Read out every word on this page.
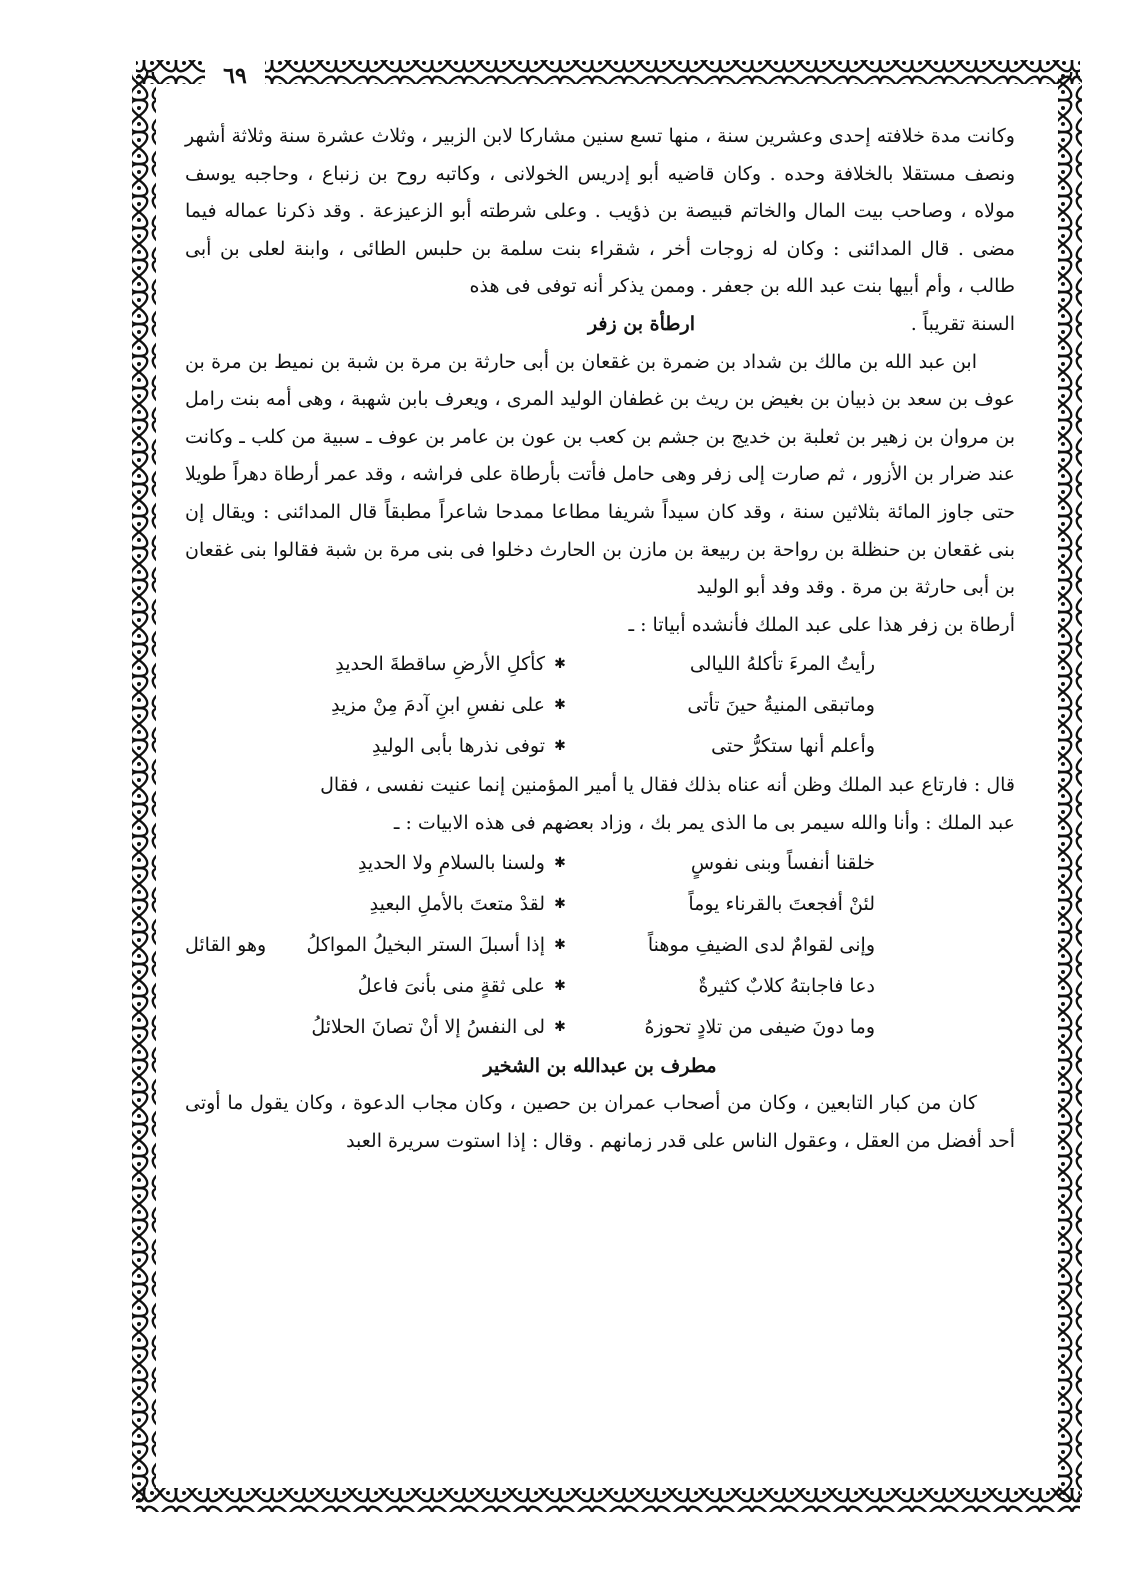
٦٩

وكانت مدة خلافته إحدى وعشرين سنة ، منها تسع سنين مشاركا لابن الزبير ، وثلاث عشرة سنة وثلاثة أشهر ونصف مستقلا بالخلافة وحده . وكان قاضيه أبو إدريس الخولانى ، وكاتبه روح بن زنباع ، وحاجبه يوسف مولاه ، وصاحب بيت المال والخاتم قبيصة بن ذؤيب . وعلى شرطته أبو الزعيزعة . وقد ذكرنا عماله فيما مضى . قال المدائنى : وكان له زوجات أخر ، شقراء بنت سلمة بن حلبس الطائى ، وابنة لعلى بن أبى طالب ، وأم أبيها بنت عبد الله بن جعفر . وممن يذكر أنه توفى فى هذه

السنة تقريباً .
ارطأة بن زفر

ابن عبد الله بن مالك بن شداد بن ضمرة بن غقعان بن أبى حارثة بن مرة بن شبة بن نميط بن مرة بن عوف بن سعد بن ذبيان بن بغيض بن ريث بن غطفان الوليد المرى ، ويعرف بابن شهبة ، وهى أمه بنت رامل بن مروان بن زهير بن ثعلبة بن خديج بن جشم بن كعب بن عون بن عامر بن عوف ـ سبية من كلب ـ وكانت عند ضرار بن الأزور ، ثم صارت إلى زفر وهى حامل فأتت بأرطاة على فراشه ، وقد عمر أرطاة دهراً طويلا حتى جاوز المائة بثلاثين سنة ، وقد كان سيداً شريفا مطاعا ممدحا شاعراً مطبقاً قال المدائنى : ويقال إن بنى غقعان بن حنظلة بن رواحة بن ربيعة بن مازن بن الحارث دخلوا فى بنى مرة بن شبة فقالوا بنى غقعان بن أبى حارثة بن مرة . وقد وفد أبو الوليد

أرطاة بن زفر هذا على عبد الملك فأنشده أبياتا : ـ

رأيتُ المرءَ تأكلهُ الليالى
✱
كأكلِ الأرضِ ساقطةَ الحديدِ
وماتبقى المنيةُ حينَ تأتى
✱
على نفسِ ابنِ آدمَ مِنْ مزيدِ
وأعلم أنها ستكرُّ حتى
✱
توفى نذرها بأبى الوليدِ

قال : فارتاع عبد الملك وظن أنه عناه بذلك فقال يا أمير المؤمنين إنما عنيت نفسى ، فقال

عبد الملك : وأنا والله سيمر بى ما الذى يمر بك ، وزاد بعضهم فى هذه الابيات : ـ

خلقنا أنفساً وبنى نفوسٍ
✱
ولسنا بالسلامِ ولا الحديدِ
لئنْ أفجعتَ بالقرناء يوماً
✱
لقدْ متعتَ بالأملِ البعيدِ
وإنى لقوامٌ لدى الضيفِ موهناً
✱
إذا أسبلَ الستر البخيلُ المواكلُ
وهو القائل
دعا فاجابتهُ كلابٌ كثيرةٌ
✱
على ثقةٍ منى بأنىَ فاعلُ
وما دونَ ضيفى من تلادٍ تحوزهُ
✱
لى النفسُ إلا أنْ تصانَ الحلائلُ

مطرف بن عبدالله بن الشخير

كان من كبار التابعين ، وكان من أصحاب عمران بن حصين ، وكان مجاب الدعوة ، وكان يقول ما أوتى أحد أفضل من العقل ، وعقول الناس على قدر زمانهم . وقال : إذا استوت سريرة العبد
